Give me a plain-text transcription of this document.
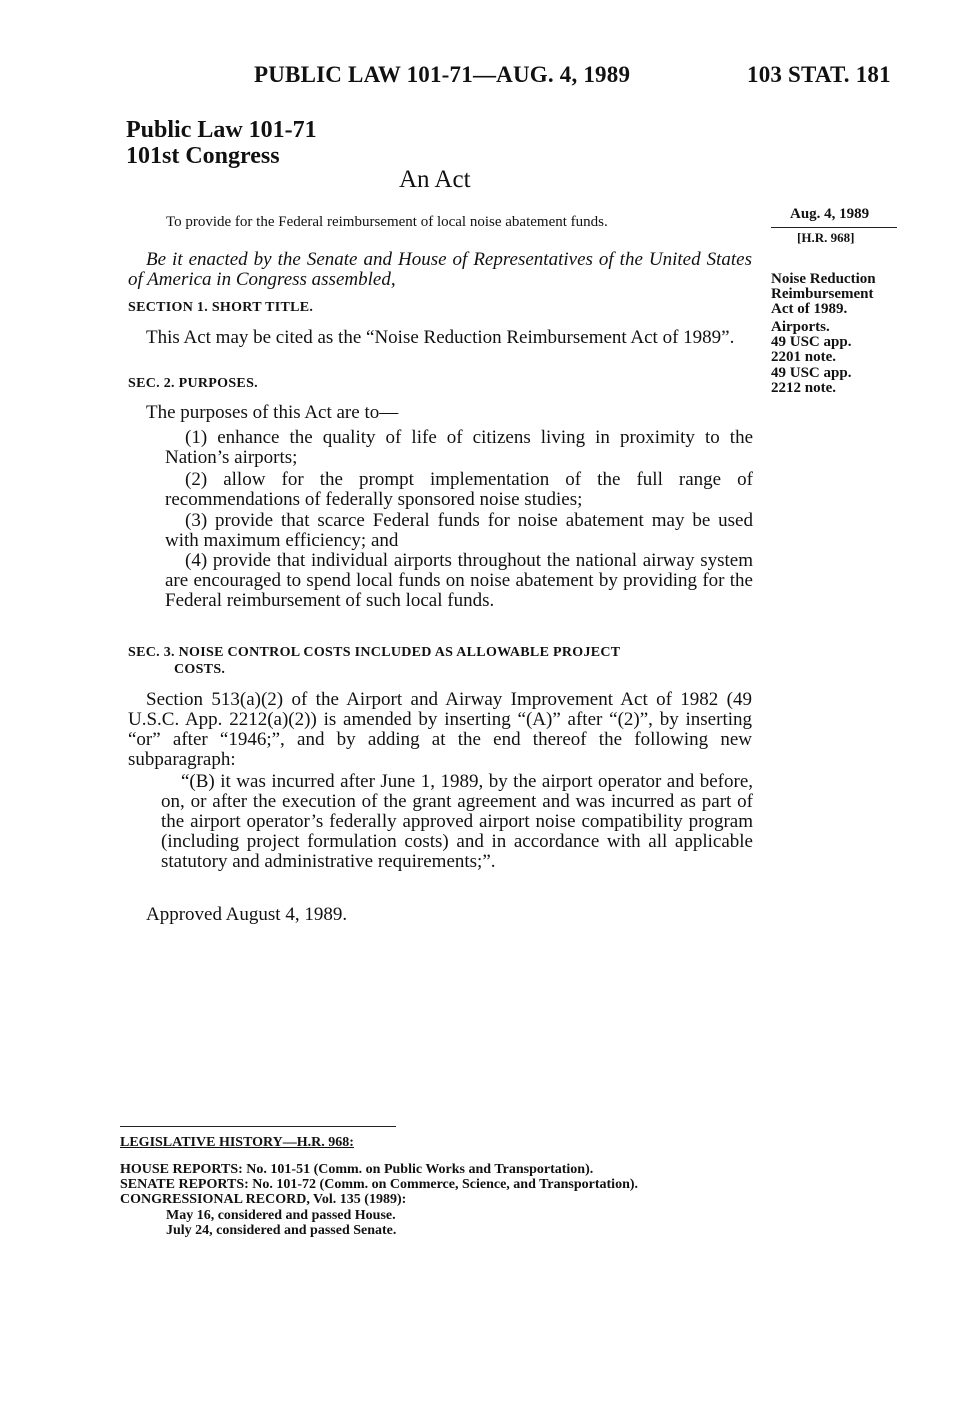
PUBLIC LAW 101-71—AUG. 4, 1989	103 STAT. 181
Public Law 101-71
101st Congress
An Act
To provide for the Federal reimbursement of local noise abatement funds.	Aug. 4, 1989
[H.R. 968]
Noise Reduction Reimbursement Act of 1989.
Airports.
49 USC app. 2201 note.
49 USC app. 2212 note.
Be it enacted by the Senate and House of Representatives of the United States of America in Congress assembled,
SECTION 1. SHORT TITLE.
This Act may be cited as the “Noise Reduction Reimbursement Act of 1989”.
SEC. 2. PURPOSES.
The purposes of this Act are to—
(1) enhance the quality of life of citizens living in proximity to the Nation’s airports;
(2) allow for the prompt implementation of the full range of recommendations of federally sponsored noise studies;
(3) provide that scarce Federal funds for noise abatement may be used with maximum efficiency; and
(4) provide that individual airports throughout the national airway system are encouraged to spend local funds on noise abatement by providing for the Federal reimbursement of such local funds.
SEC. 3. NOISE CONTROL COSTS INCLUDED AS ALLOWABLE PROJECT
COSTS.
Section 513(a)(2) of the Airport and Airway Improvement Act of 1982 (49 U.S.C. App. 2212(a)(2)) is amended by inserting “(A)” after “(2)”, by inserting “or” after “1946;”, and by adding at the end thereof the following new subparagraph:
“(B) it was incurred after June 1, 1989, by the airport operator and before, on, or after the execution of the grant agreement and was incurred as part of the airport operator’s federally approved airport noise compatibility program (including project formulation costs) and in accordance with all applicable statutory and administrative requirements;”.
Approved August 4, 1989.
LEGISLATIVE HISTORY—H.R. 968:
HOUSE REPORTS: No. 101-51 (Comm. on Public Works and Transportation).
SENATE REPORTS: No. 101-72 (Comm. on Commerce, Science, and Transportation).
CONGRESSIONAL RECORD, Vol. 135 (1989):
May 16, considered and passed House.
July 24, considered and passed Senate.
